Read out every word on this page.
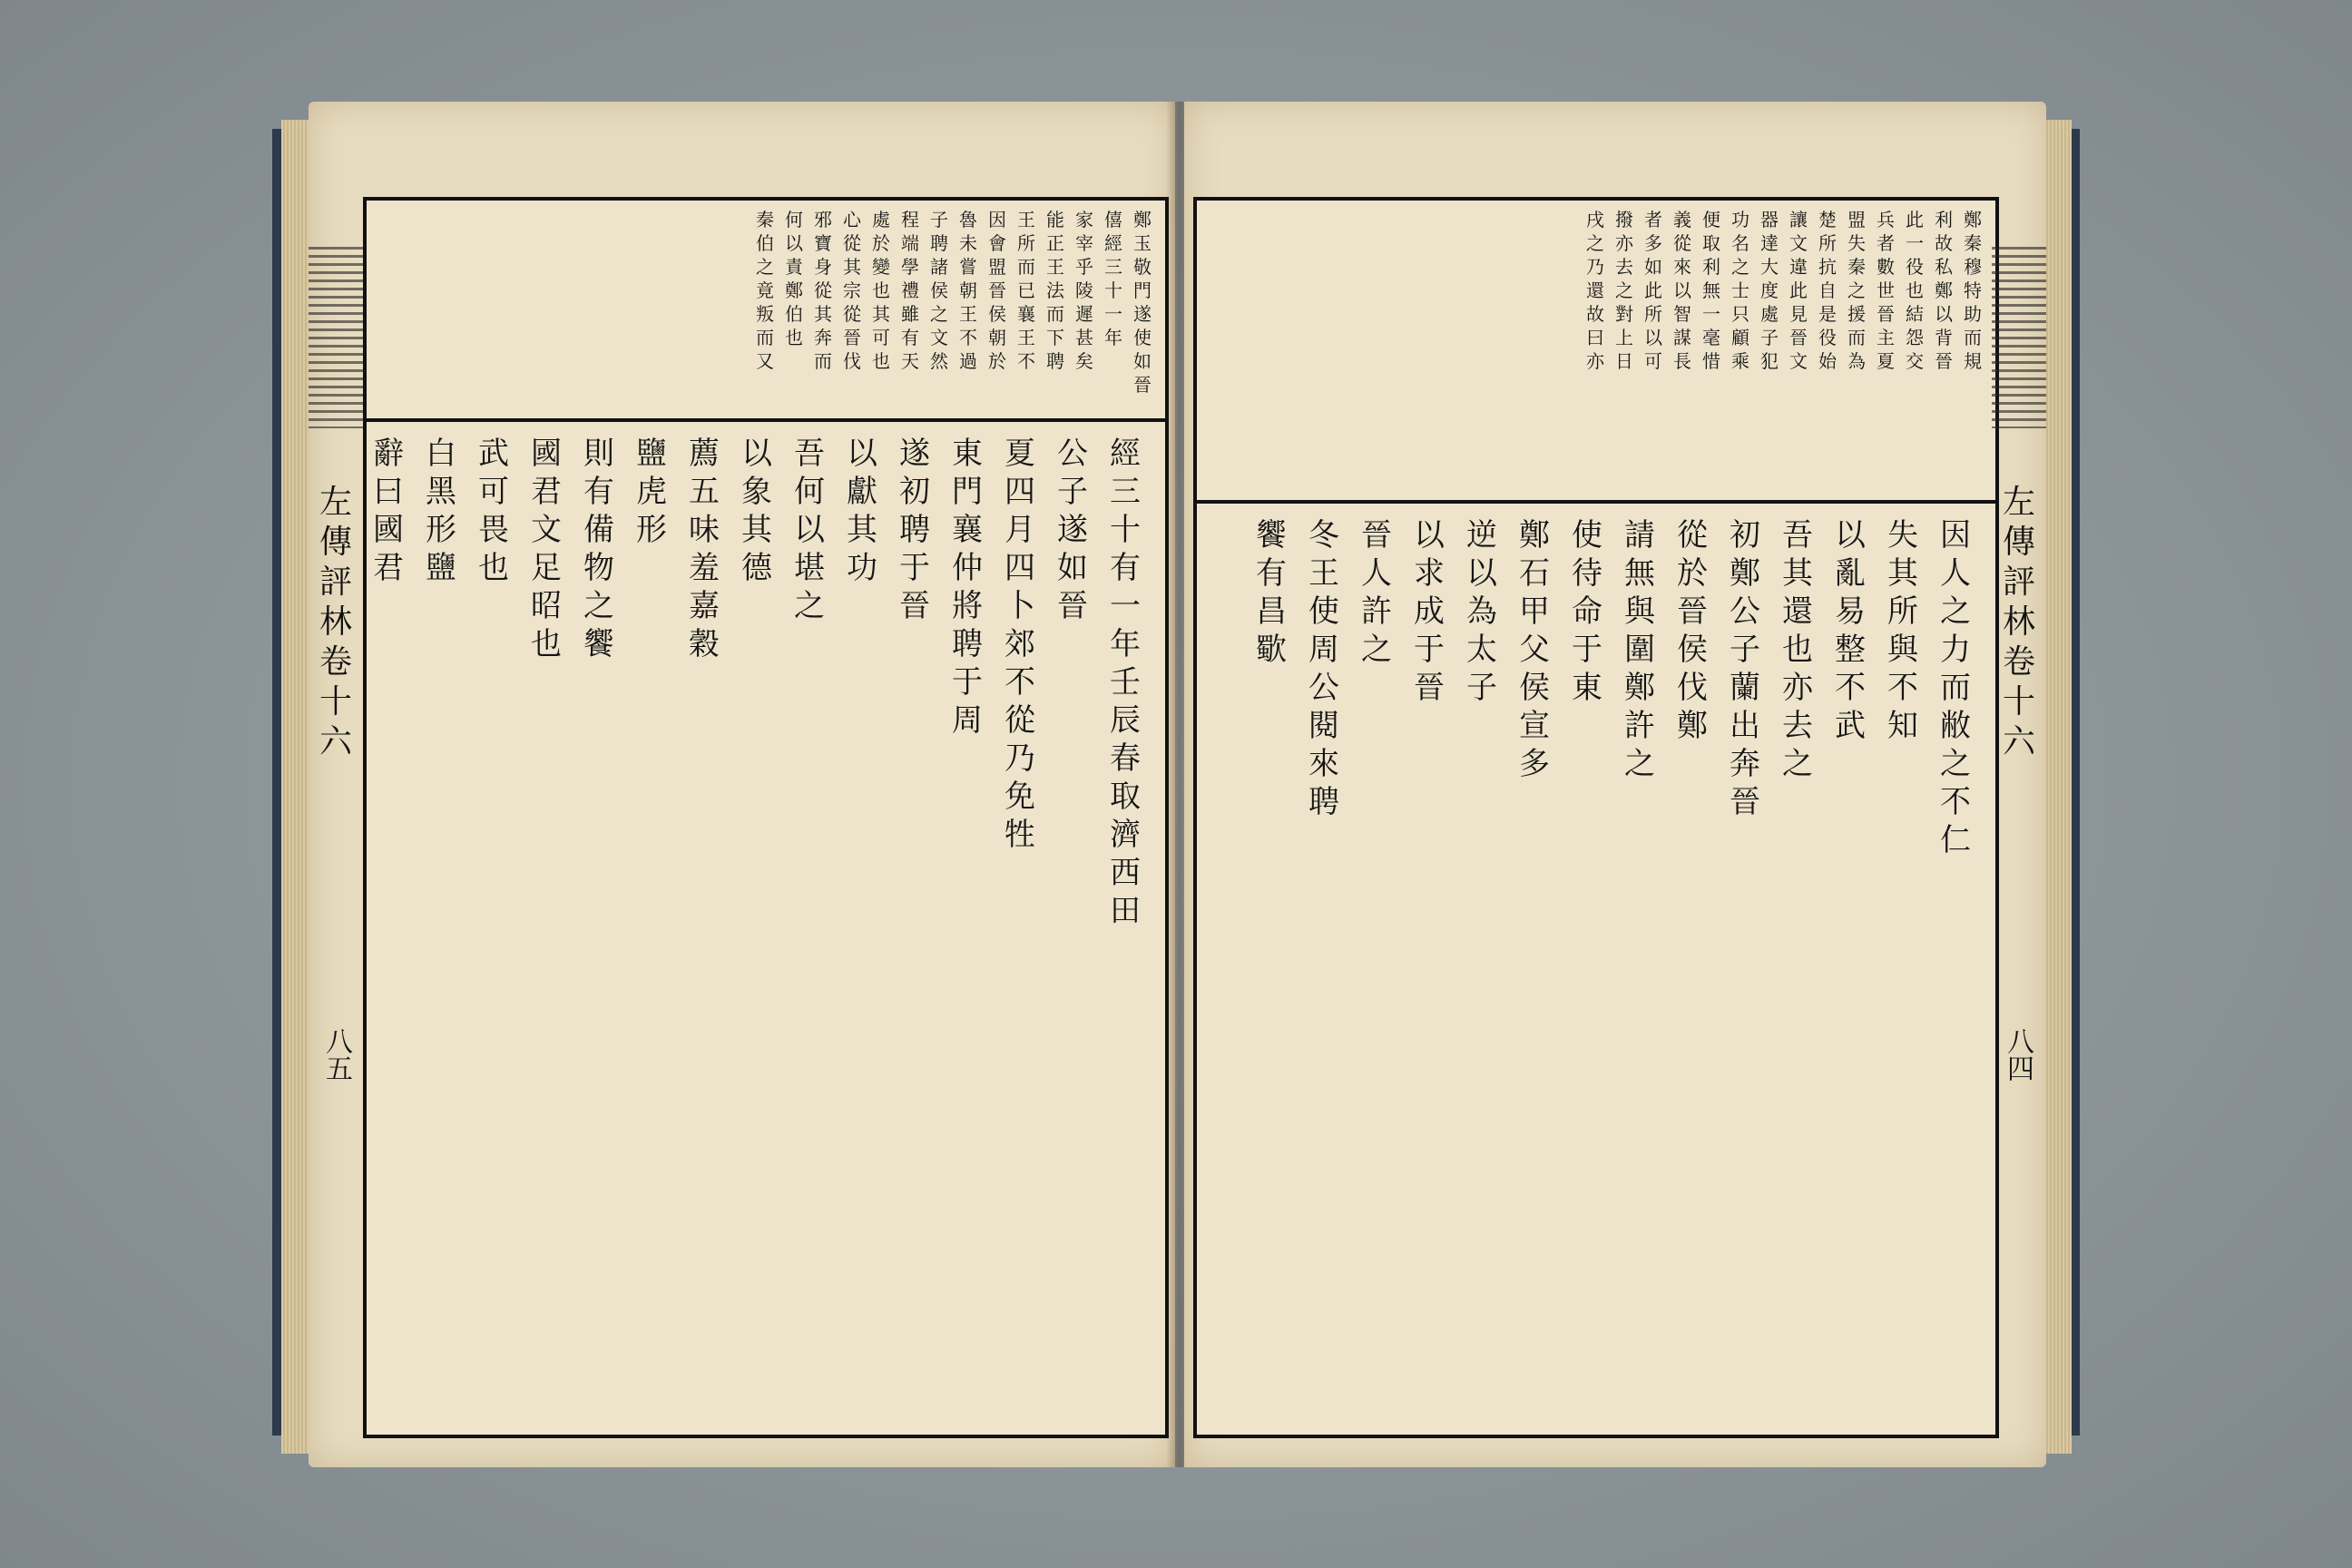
鄭
玉
敬
門
遂
使
如
晉
僖
經
三
十
一
年
家
宰
乎
陵
遲
甚
矣
能
正
王
法
而
下
聘
王
所
而
已
襄
王
不
因
會
盟
晉
侯
朝
於
魯
未
嘗
朝
王
不
過
子
聘
諸
侯
之
文
然
程
端
學
禮
雖
有
天
處
於
變
也
其
可
也
心
從
其
宗
從
晉
伐
邪
寶
身
從
其
奔
而
何
以
責
鄭
伯
也
秦
伯
之
竟
叛
而
又
經
三
十
有
一
年
壬
辰
春
取
濟
西
田
公
子
遂
如
晉
夏
四
月
四
卜
郊
不
從
乃
免
牲
東
門
襄
仲
將
聘
于
周
遂
初
聘
于
晉
以
獻
其
功
吾
何
以
堪
之
以
象
其
德
薦
五
味
羞
嘉
穀
鹽
虎
形
則
有
備
物
之
饗
國
君
文
足
昭
也
武
可
畏
也
白
黑
形
鹽
辭
曰
國
君
左
傳
評
林
卷
十
六
八五
鄭
秦
穆
特
助
而
規
利
故
私
鄭
以
背
晉
此
一
役
也
結
怨
交
兵
者
數
世
晉
主
夏
盟
失
秦
之
援
而
為
楚
所
抗
自
是
役
始
讓
文
違
此
見
晉
文
器
達
大
度
處
子
犯
功
名
之
士
只
顧
乘
便
取
利
無
一
毫
惜
義
從
來
以
智
謀
長
者
多
如
此
所
以
可
撥
亦
去
之
對
上
日
戌
之
乃
還
故
曰
亦
因
人
之
力
而
敝
之
不
仁
失
其
所
與
不
知
以
亂
易
整
不
武
吾
其
還
也
亦
去
之
初
鄭
公
子
蘭
出
奔
晉
從
於
晉
侯
伐
鄭
請
無
與
圍
鄭
許
之
使
待
命
于
東
鄭
石
甲
父
侯
宣
多
逆
以
為
太
子
以
求
成
于
晉
晉
人
許
之
冬
王
使
周
公
閱
來
聘
饗
有
昌
歜
左
傳
評
林
卷
十
六
八四
